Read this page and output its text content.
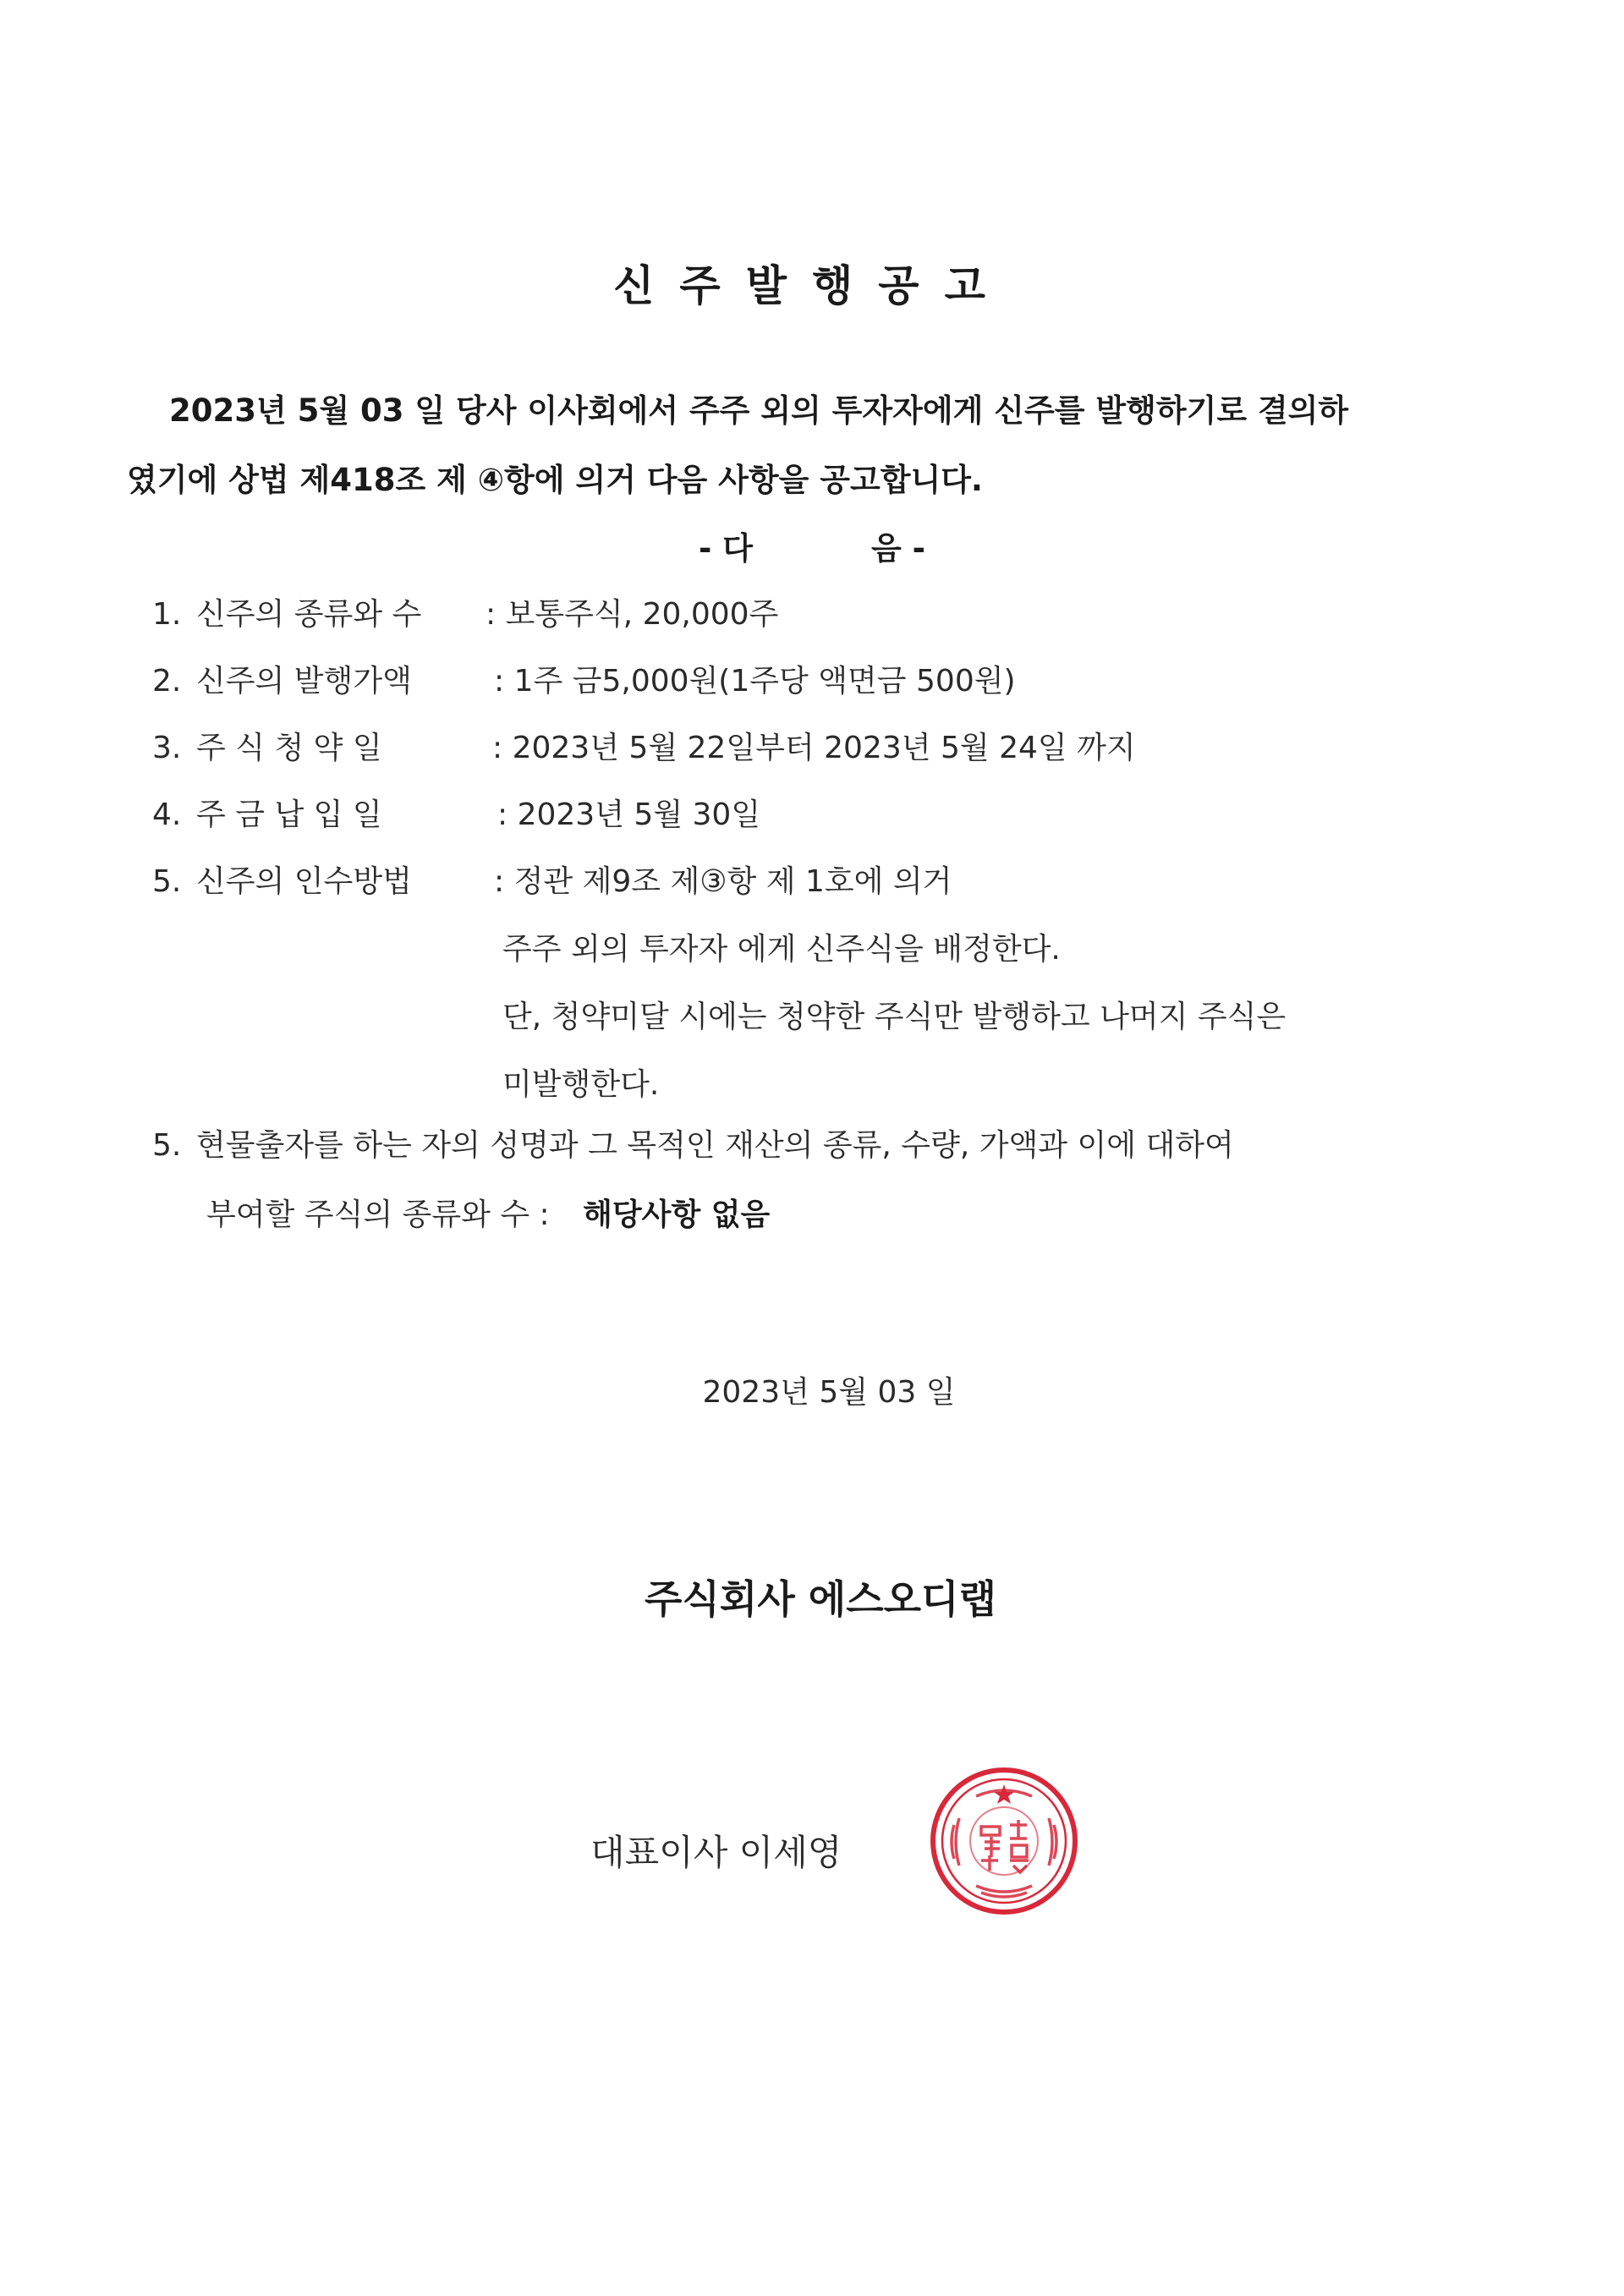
신주발행공고
2023년 5월 03 일 당사 이사회에서 주주 외의 투자자에게 신주를 발행하기로 결의하
였기에 상법 제418조 제 ④항에 의거 다음 사항을 공고합니다.
- 다	음 -
1. 신주의 종류와 수 : 보통주식, 20,000주
2. 신주의 발행가액	: 1주 금5,000원(1주당 액면금 500원)
3. 주 식 청 약 일	: 2023년 5월 22일부터 2023년 5월 24일 까지
4. 주 금 납 입 일	: 2023년 5월 30일
5. 신주의 인수방법	: 정관 제9조 제③항 제 1호에 의거
주주 외의 투자자 에게 신주식을 배정한다.
단, 청약미달 시에는 청약한 주식만 발행하고 나머지 주식은
미발행한다.
5. 현물출자를 하는 자의 성명과 그 목적인 재산의 종류, 수량, 가액과 이에 대하여
부여할 주식의 종류와 수 : 해당사항 없음
2023년 5월 03 일
주식회사 에스오디랩
대표이사 이세영
